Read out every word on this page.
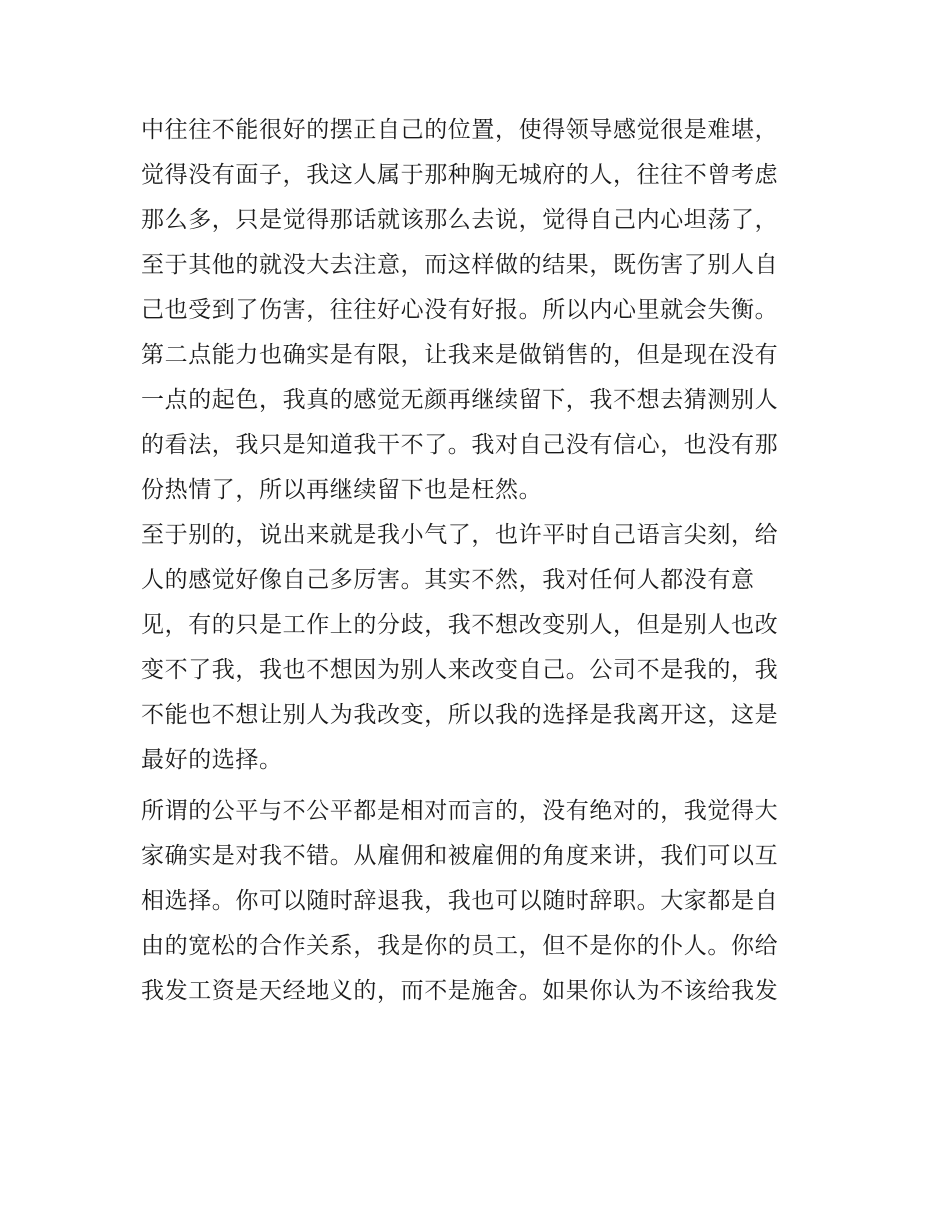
中往往不能很好的摆正自己的位置，使得领导感觉很是难堪，
觉得没有面子，我这人属于那种胸无城府的人，往往不曾考虑
那么多，只是觉得那话就该那么去说，觉得自己内心坦荡了，
至于其他的就没大去注意，而这样做的结果，既伤害了别人自
己也受到了伤害，往往好心没有好报。所以内心里就会失衡。
第二点能力也确实是有限，让我来是做销售的，但是现在没有
一点的起色，我真的感觉无颜再继续留下，我不想去猜测别人
的看法，我只是知道我干不了。我对自己没有信心，也没有那
份热情了，所以再继续留下也是枉然。
至于别的，说出来就是我小气了，也许平时自己语言尖刻，给
人的感觉好像自己多厉害。其实不然，我对任何人都没有意
见，有的只是工作上的分歧，我不想改变别人，但是别人也改
变不了我，我也不想因为别人来改变自己。公司不是我的，我
不能也不想让别人为我改变，所以我的选择是我离开这，这是
最好的选择。
所谓的公平与不公平都是相对而言的，没有绝对的，我觉得大
家确实是对我不错。从雇佣和被雇佣的角度来讲，我们可以互
相选择。你可以随时辞退我，我也可以随时辞职。大家都是自
由的宽松的合作关系，我是你的员工，但不是你的仆人。你给
我发工资是天经地义的，而不是施舍。如果你认为不该给我发
